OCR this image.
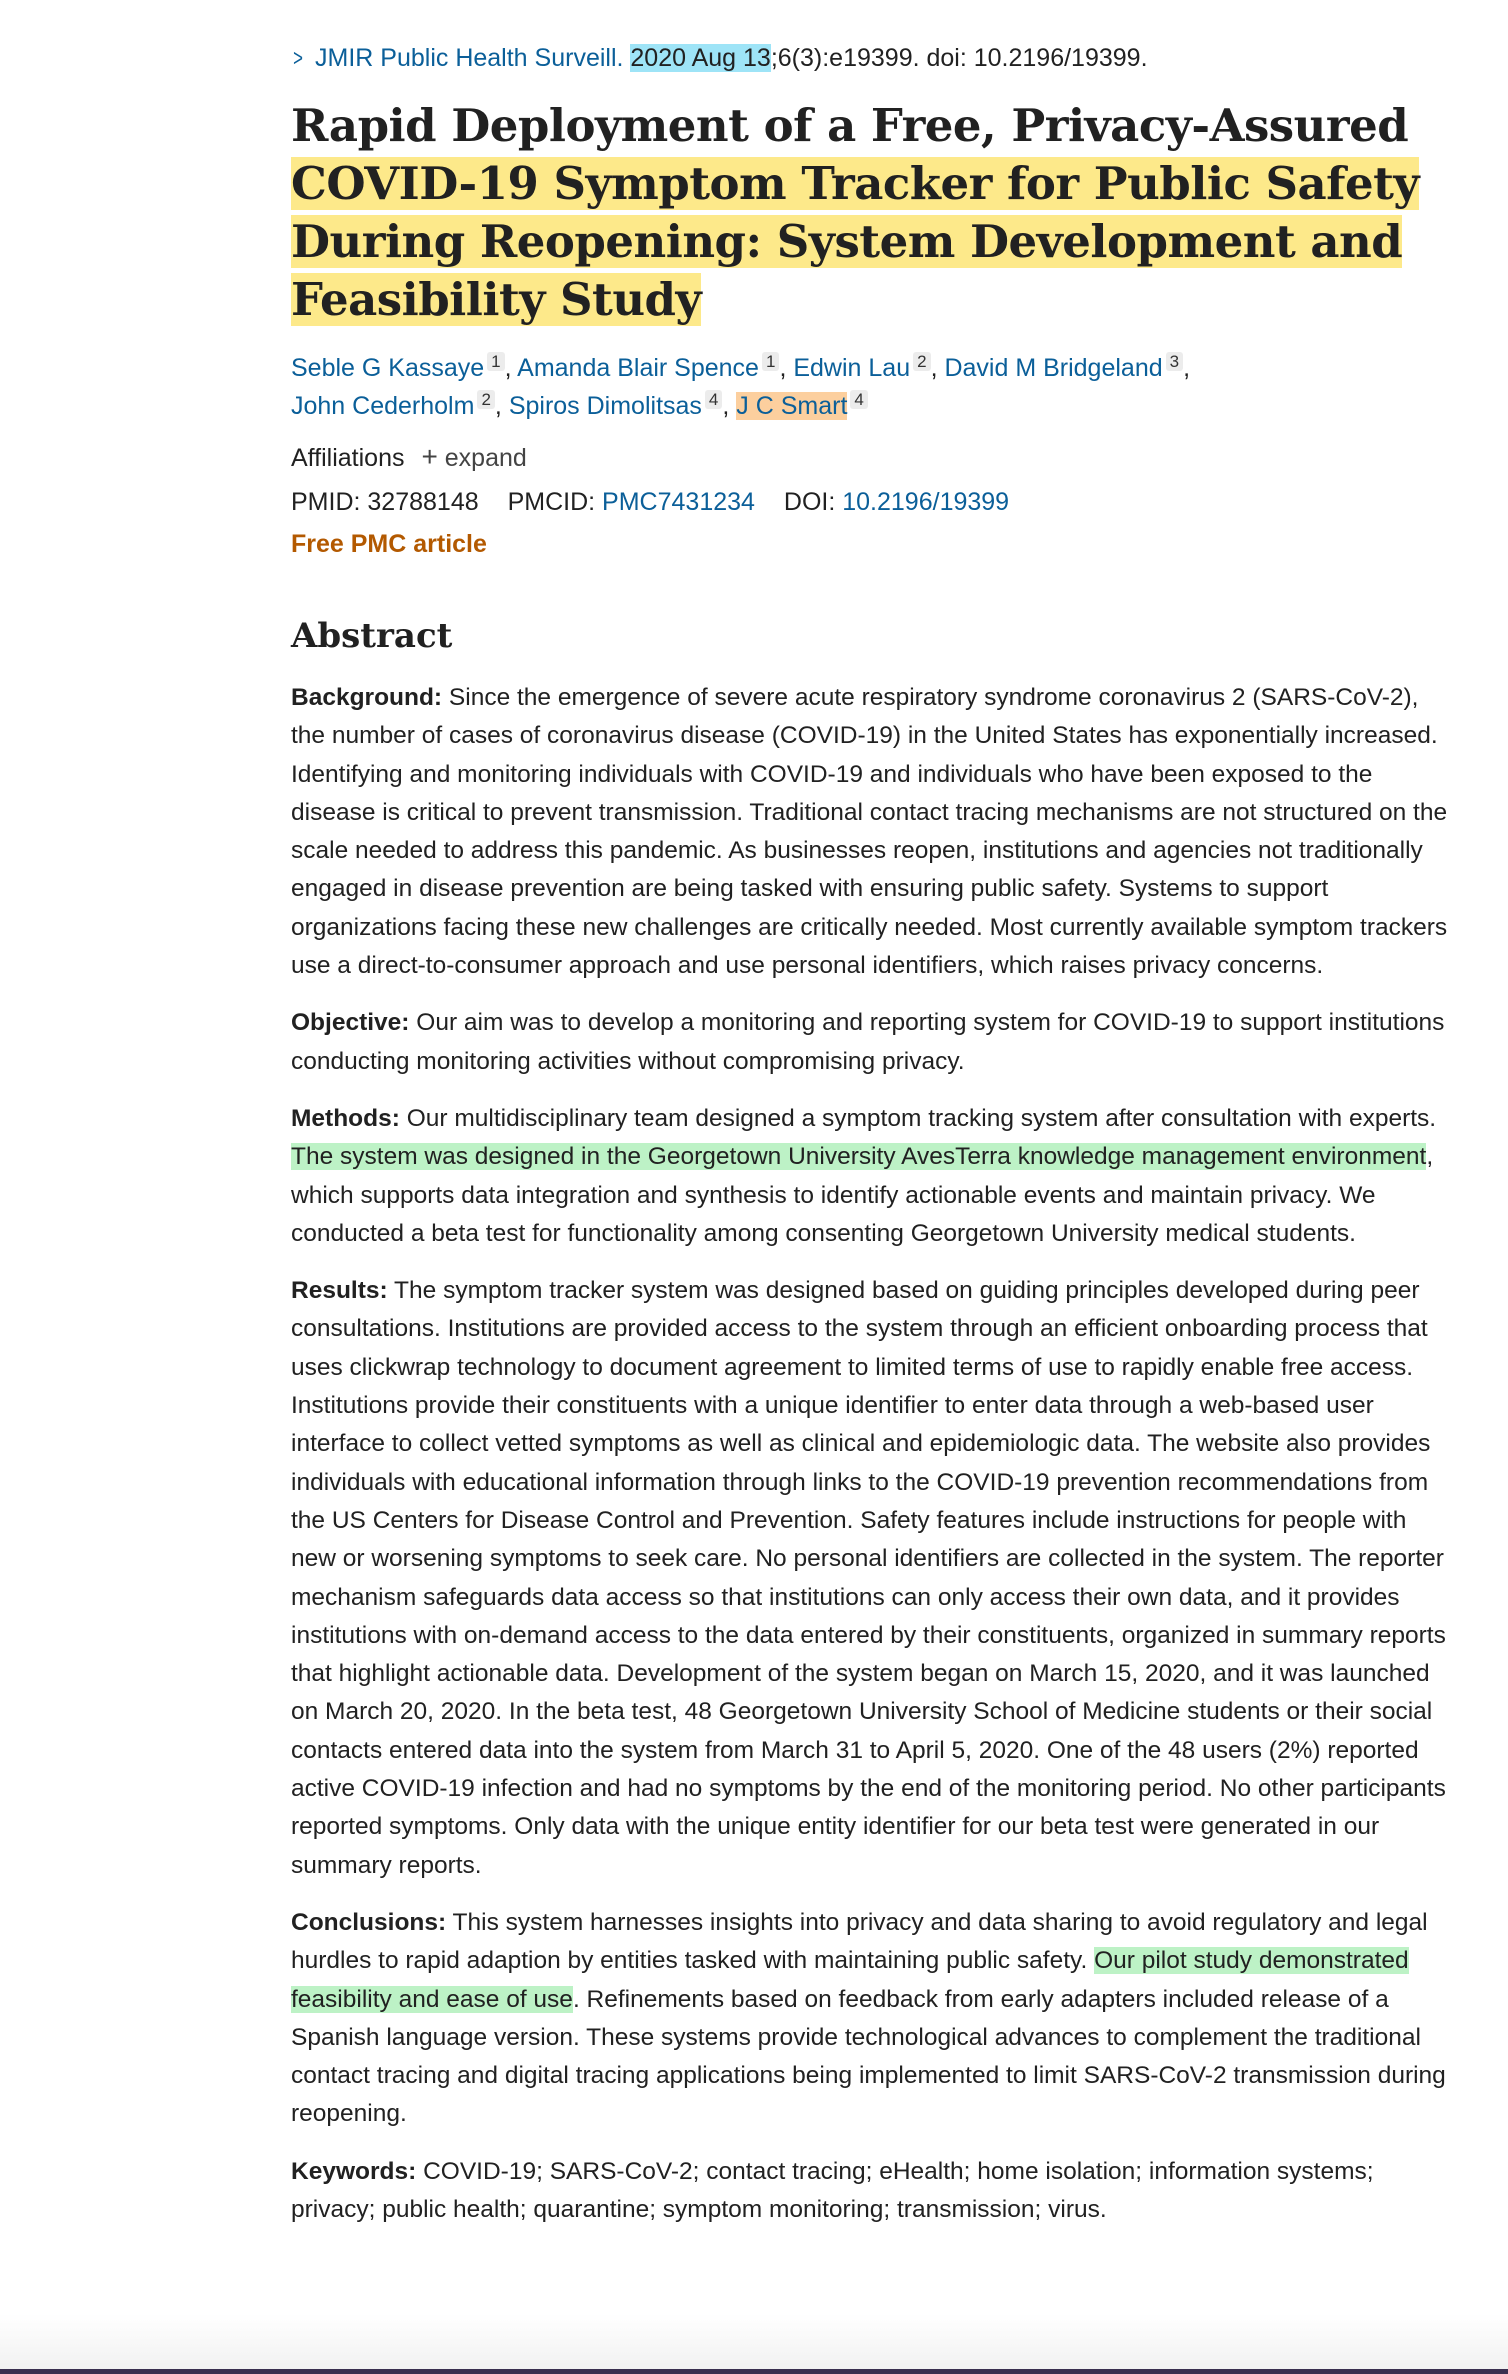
> JMIR Public Health Surveill. 2020 Aug 13;6(3):e19399. doi: 10.2196/19399.
Rapid Deployment of a Free, Privacy-Assured
COVID-19 Symptom Tracker for Public Safety During Reopening: System Development and Feasibility Study
Seble G Kassaye $^1$ , Amanda Blair Spence $^1$ , Edwin Lau $^2$ , David M Bridgeland $^3$ ,
John Cederholm $^2$ , Spiros Dimolitsas $^4$ , J C Smart $^4$
Affiliations + expand
PMID: 32788148 PMCID: PMC7431234 DOI: 10.2196/19399
Free PMC article
Abstract
Background: Since the emergence of severe acute respiratory syndrome coronavirus 2 (SARS-CoV-2), the number of cases of coronavirus disease (COVID-19) in the United States has exponentially increased. Identifying and monitoring individuals with COVID-19 and individuals who have been exposed to the disease is critical to prevent transmission. Traditional contact tracing mechanisms are not structured on the scale needed to address this pandemic. As businesses reopen, institutions and agencies not traditionally engaged in disease prevention are being tasked with ensuring public safety. Systems to support organizations facing these new challenges are critically needed. Most currently available symptom trackers use a direct-to-consumer approach and use personal identifiers, which raises privacy concerns.
Objective: Our aim was to develop a monitoring and reporting system for COVID-19 to support institutions conducting monitoring activities without compromising privacy.
Methods: Our multidisciplinary team designed a symptom tracking system after consultation with experts. The system was designed in the Georgetown University AvesTerra knowledge management environment, which supports data integration and synthesis to identify actionable events and maintain privacy. We conducted a beta test for functionality among consenting Georgetown University medical students.
Results: The symptom tracker system was designed based on guiding principles developed during peer consultations. Institutions are provided access to the system through an efficient onboarding process that uses clickwrap technology to document agreement to limited terms of use to rapidly enable free access. Institutions provide their constituents with a unique identifier to enter data through a web-based user interface to collect vetted symptoms as well as clinical and epidemiologic data. The website also provides individuals with educational information through links to the COVID-19 prevention recommendations from the US Centers for Disease Control and Prevention. Safety features include instructions for people with new or worsening symptoms to seek care. No personal identifiers are collected in the system. The reporter mechanism safeguards data access so that institutions can only access their own data, and it provides institutions with on-demand access to the data entered by their constituents, organized in summary reports that highlight actionable data. Development of the system began on March 15, 2020, and it was launched on March 20, 2020. In the beta test, 48 Georgetown University School of Medicine students or their social contacts entered data into the system from March 31 to April 5, 2020. One of the 48 users (2%) reported active COVID-19 infection and had no symptoms by the end of the monitoring period. No other participants reported symptoms. Only data with the unique entity identifier for our beta test were generated in our summary reports.
Conclusions: This system harnesses insights into privacy and data sharing to avoid regulatory and legal hurdles to rapid adaption by entities tasked with maintaining public safety. Our pilot study demonstrated feasibility and ease of use. Refinements based on feedback from early adapters included release of a Spanish language version. These systems provide technological advances to complement the traditional contact tracing and digital tracing applications being implemented to limit SARS-CoV-2 transmission during reopening.
Keywords: COVID-19; SARS-CoV-2; contact tracing; eHealth; home isolation; information systems; privacy; public health; quarantine; symptom monitoring; transmission; virus.
